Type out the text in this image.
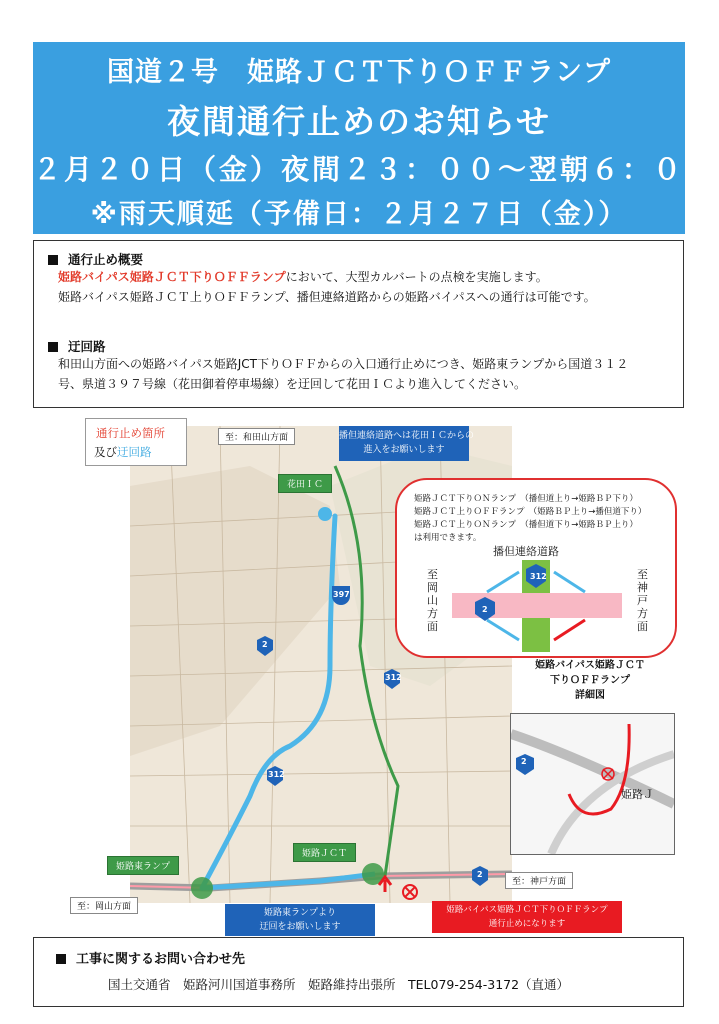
国道２号　姫路ＪＣＴ下りＯＦＦランプ
夜間通行止めのお知らせ
２月２０日（金）夜間２３：００～翌朝６：００
※雨天順延（予備日：２月２７日（金））
通行止め概要
姫路バイパス姫路ＪＣＴ下りＯＦＦランプにおいて、大型カルバートの点検を実施します。
姫路バイパス姫路ＪＣＴ上りＯＦＦランプ、播但連絡道路からの姫路バイパスへの通行は可能です。
迂回路
和田山方面への姫路バイパス姫路JCT下りＯＦＦからの入口通行止めにつき、姫路東ランプから国道３１２
号、県道３９７号線（花田御着停車場線）を迂回して花田ＩＣより進入してください。
397
2
312
312
2
至：和田山方面
花田ＩＣ
姫路ＪＣＴ
播但連絡道路へは花田ＩＣからの
進入をお願いします
姫路東ランプ
至：岡山方面
至：神戸方面
姫路東ランプより
迂回をお願いします
姫路バイパス姫路ＪＣＴ下りＯＦＦランプ
通行止めになります
通行止め箇所
及び迂回路
姫路ＪＣＴ下りＯＮランプ　 （播但道上り→姫路ＢＰ下り）
姫路ＪＣＴ上りＯＦＦランプ　 （姫路ＢＰ上り→播但道下り）
姫路ＪＣＴ上りＯＮランプ　 （播但道下り→姫路ＢＰ上り）
は利用できます。
播但連絡道路
至岡山方面
至神戸方面
312
2
姫路バイパス姫路ＪＣＴ
下りＯＦＦランプ
詳細図
2
姫路Ｊ
工事に関するお問い合わせ先
国土交通省　姫路河川国道事務所　姫路維持出張所　TEL079-254-3172（直通）
